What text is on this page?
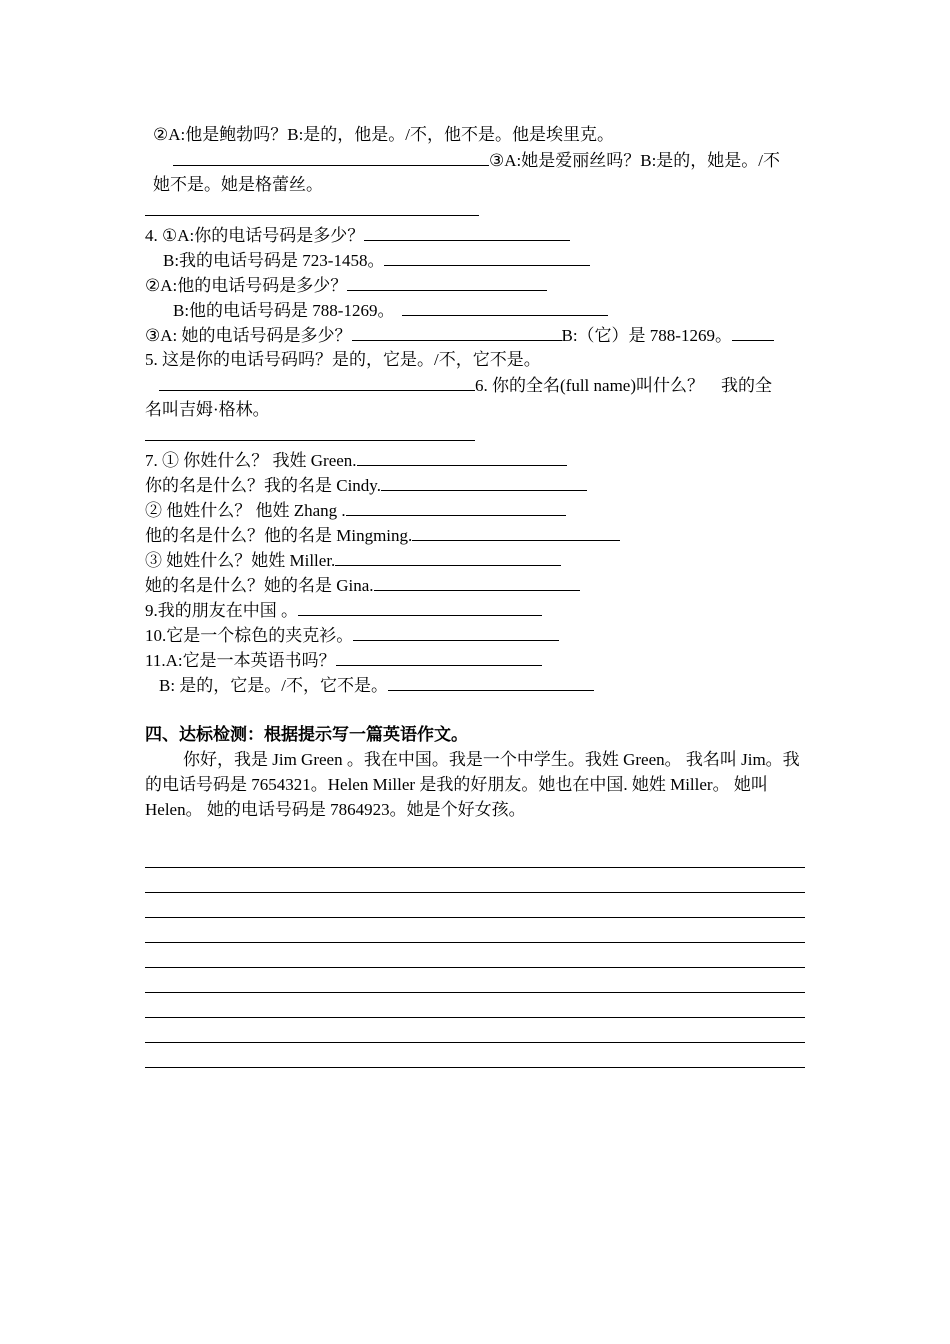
②A:他是鲍勃吗？B:是的，他是。/不，他不是。他是埃里克。
③A:她是爱丽丝吗？B:是的，她是。/不
她不是。她是格蕾丝。
4. ①A:你的电话号码是多少？
B:我的电话号码是 723-1458。
②A:他的电话号码是多少？
B:他的电话号码是 788-1269。
③A: 她的电话号码是多少？	B:（它）是 788-1269。
5. 这是你的电话号码吗？是的，它是。/不，它不是。
6. 你的全名(full name)叫什么？　我的全
名叫吉姆·格林。
7. ① 你姓什么？ 我姓 Green.
你的名是什么？我的名是 Cindy.
② 他姓什么？ 他姓 Zhang .
他的名是什么？他的名是 Mingming.
③ 她姓什么？她姓 Miller.
她的名是什么？她的名是 Gina.
9.我的朋友在中国 。
10.它是一个棕色的夹克衫。
11.A:它是一本英语书吗？
B: 是的，它是。/不，它不是。
四、达标检测：根据提示写一篇英语作文。
你好，我是 Jim Green 。我在中国。我是一个中学生。我姓 Green。 我名叫 Jim。我的电话号码是 7654321。Helen Miller 是我的好朋友。她也在中国. 她姓 Miller。 她叫 Helen。 她的电话号码是 7864923。她是个好女孩。
